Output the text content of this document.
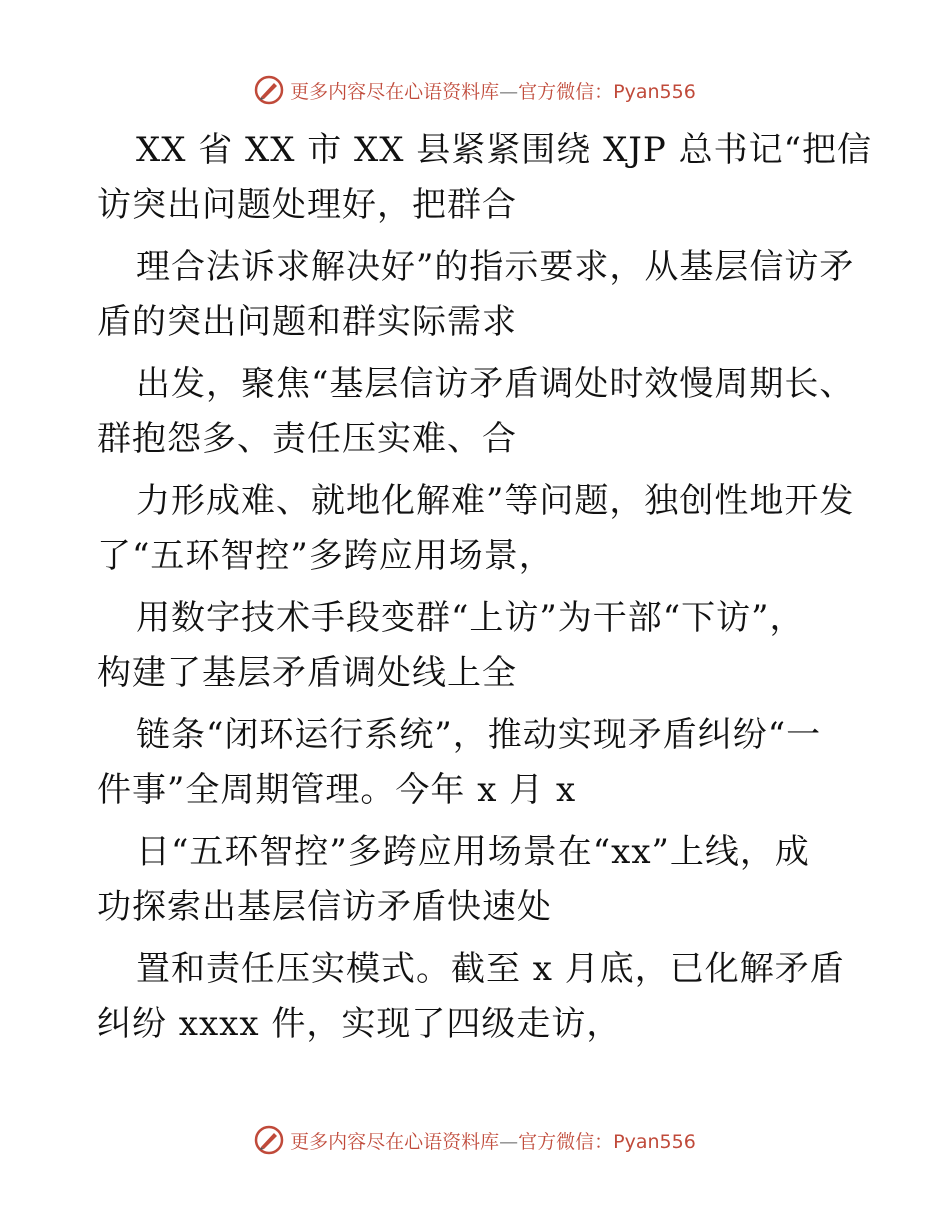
更多内容尽在心语资料库—官方微信：Pyan556
XX 省 XX 市 XX 县紧紧围绕 XJP 总书记“把信
访突出问题处理好，把群合
理合法诉求解决好”的指示要求，从基层信访矛
盾的突出问题和群实际需求
出发，聚焦“基层信访矛盾调处时效慢周期长、
群抱怨多、责任压实难、合
力形成难、就地化解难”等问题，独创性地开发
了“五环智控”多跨应用场景，
用数字技术手段变群“上访”为干部“下访”，
构建了基层矛盾调处线上全
链条“闭环运行系统”，推动实现矛盾纠纷“一
件事”全周期管理。今年 x 月 x
日“五环智控”多跨应用场景在“xx”上线，成
功探索出基层信访矛盾快速处
置和责任压实模式。截至 x 月底，已化解矛盾
纠纷 xxxx 件，实现了四级走访，
更多内容尽在心语资料库—官方微信：Pyan556
